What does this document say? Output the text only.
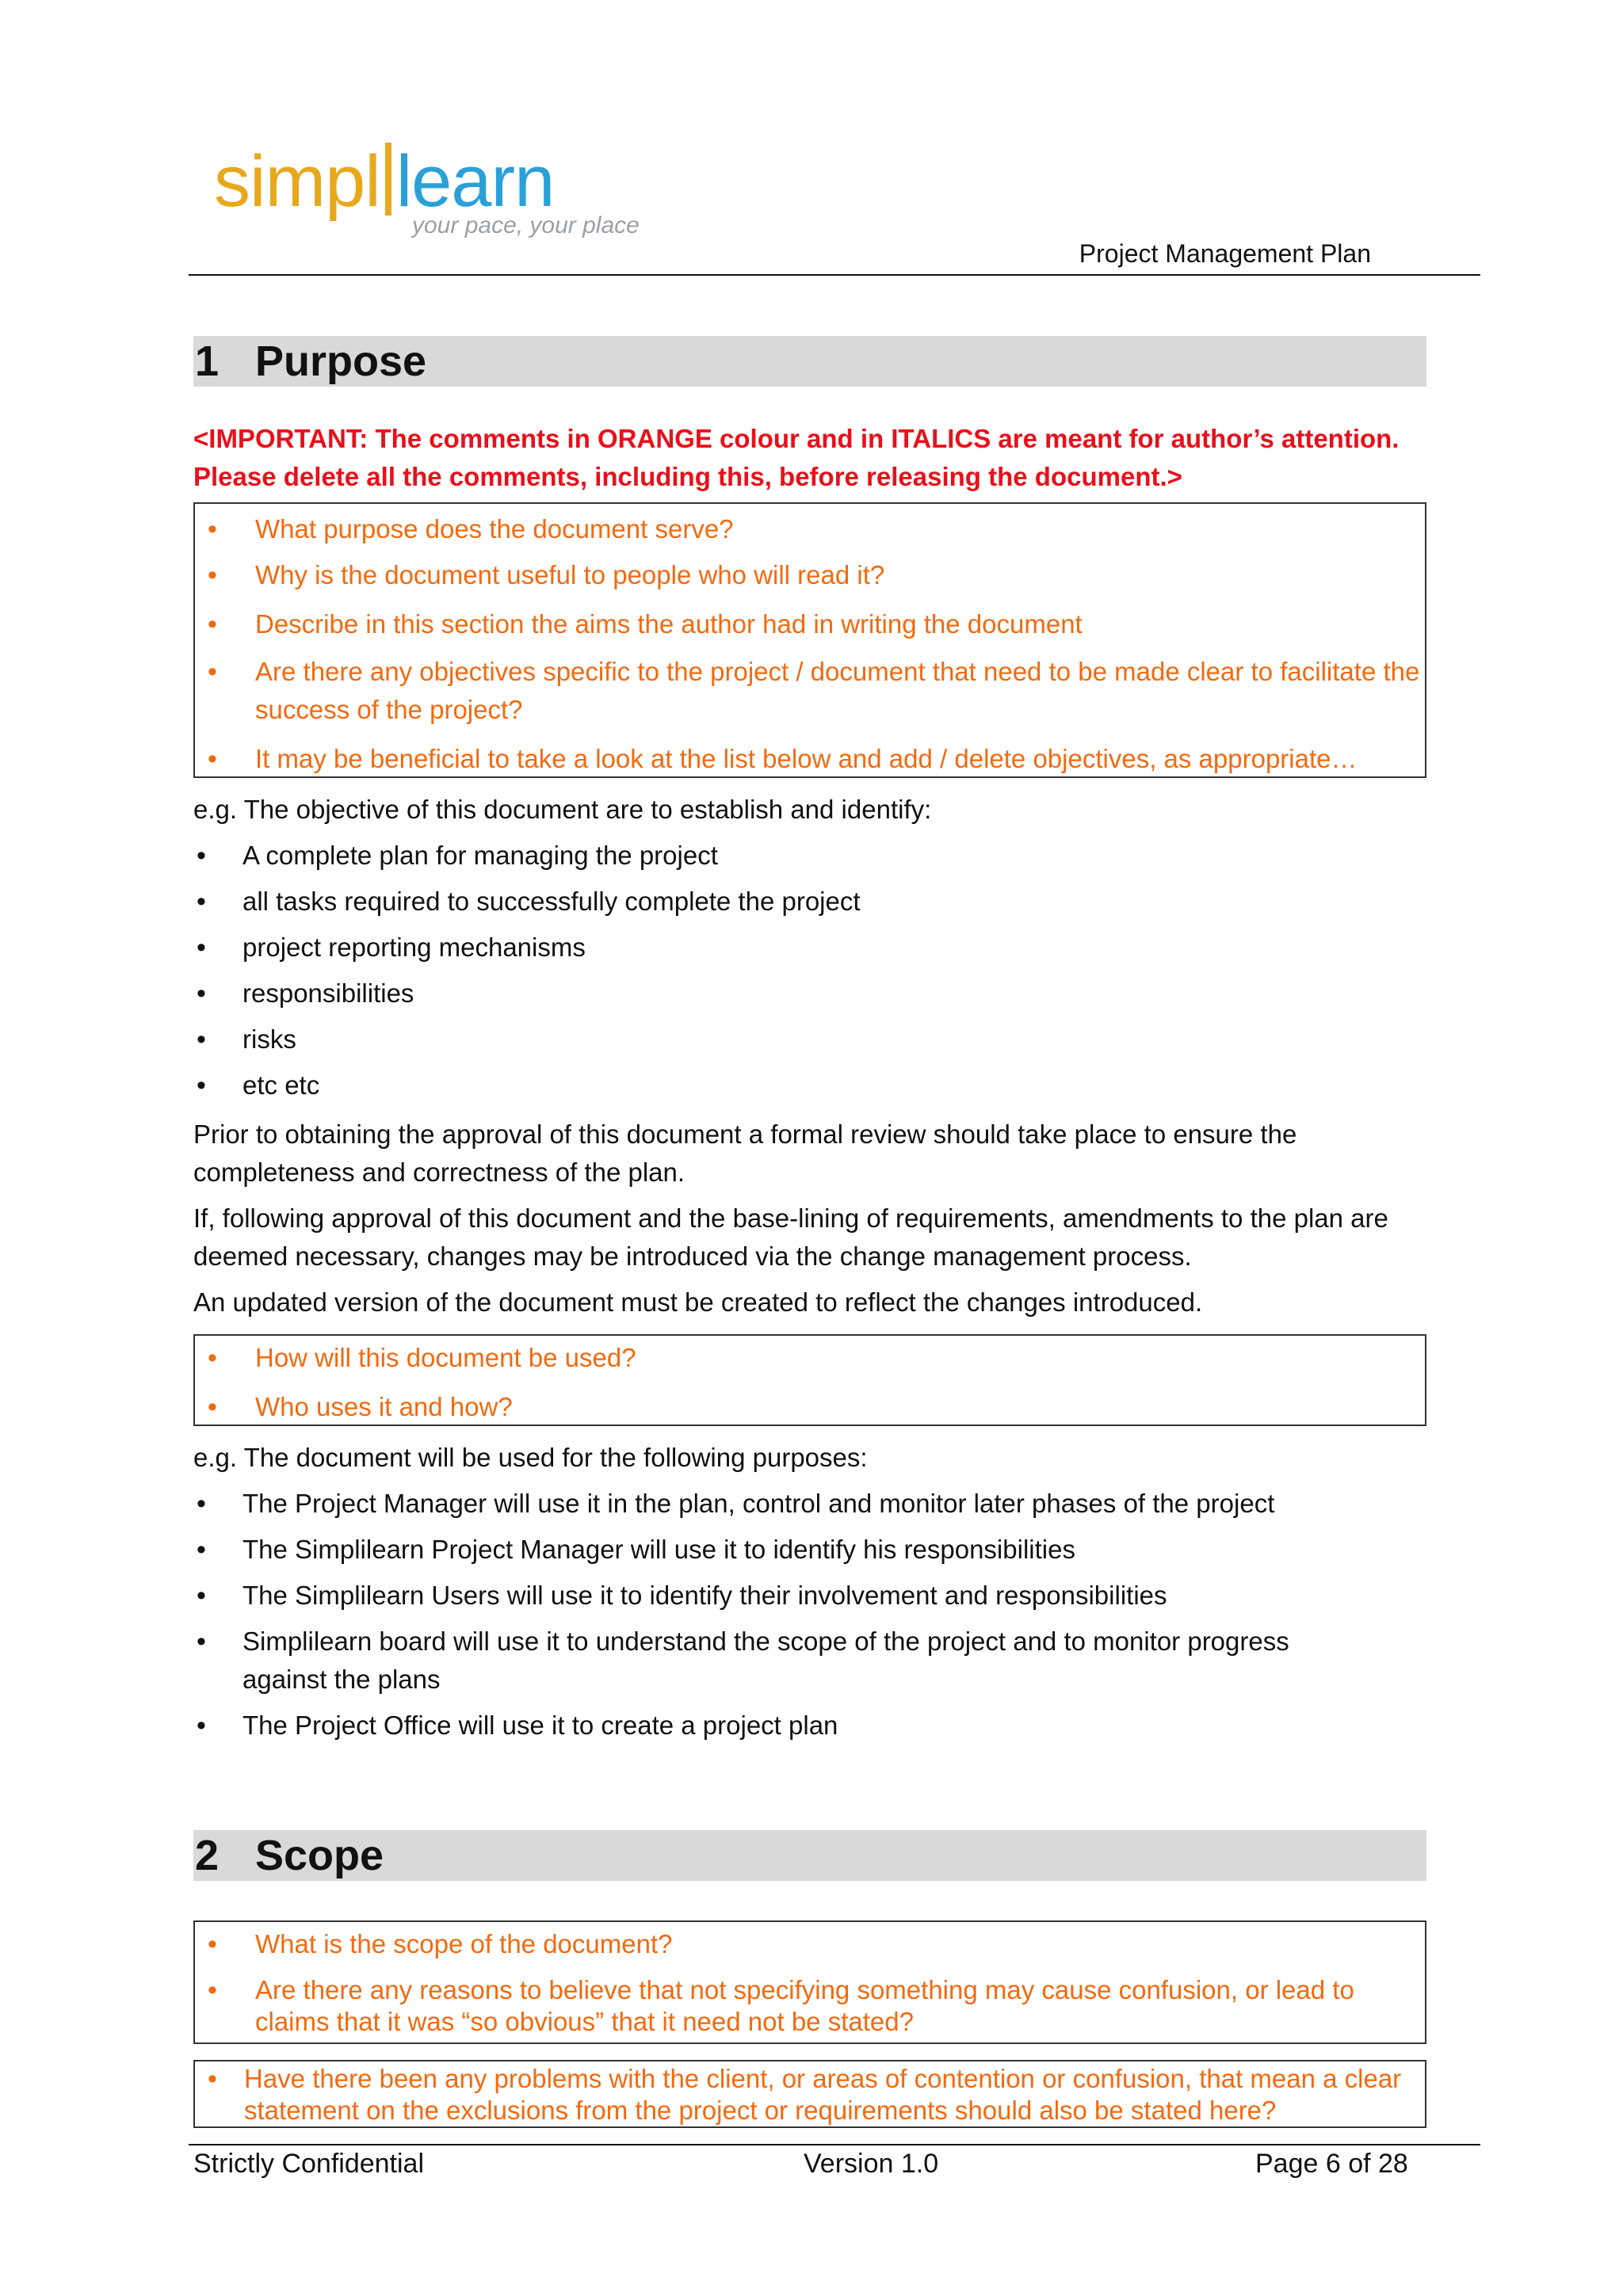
simpl learn
your pace, your place
Project Management Plan
1 Purpose
<IMPORTANT: The comments in ORANGE colour and in ITALICS are meant for author’s attention. Please delete all the comments, including this, before releasing the document.>
• What purpose does the document serve?
• Why is the document useful to people who will read it?
• Describe in this section the aims the author had in writing the document
• Are there any objectives specific to the project / document that need to be made clear to facilitate the success of the project?
• It may be beneficial to take a look at the list below and add / delete objectives, as appropriate…
e.g. The objective of this document are to establish and identify:
• A complete plan for managing the project
• all tasks required to successfully complete the project
• project reporting mechanisms
• responsibilities
• risks
• etc etc
Prior to obtaining the approval of this document a formal review should take place to ensure the completeness and correctness of the plan.
If, following approval of this document and the base-lining of requirements, amendments to the plan are deemed necessary, changes may be introduced via the change management process.
An updated version of the document must be created to reflect the changes introduced.
• How will this document be used?
• Who uses it and how?
e.g. The document will be used for the following purposes:
• The Project Manager will use it in the plan, control and monitor later phases of the project
• The Simplilearn Project Manager will use it to identify his responsibilities
• The Simplilearn Users will use it to identify their involvement and responsibilities
• Simplilearn board will use it to understand the scope of the project and to monitor progress against the plans
• The Project Office will use it to create a project plan
2 Scope
• What is the scope of the document?
• Are there any reasons to believe that not specifying something may cause confusion, or lead to claims that it was “so obvious” that it need not be stated?
• Have there been any problems with the client, or areas of contention or confusion, that mean a clear statement on the exclusions from the project or requirements should also be stated here?
Strictly Confidential	Version 1.0	Page 6 of 28
